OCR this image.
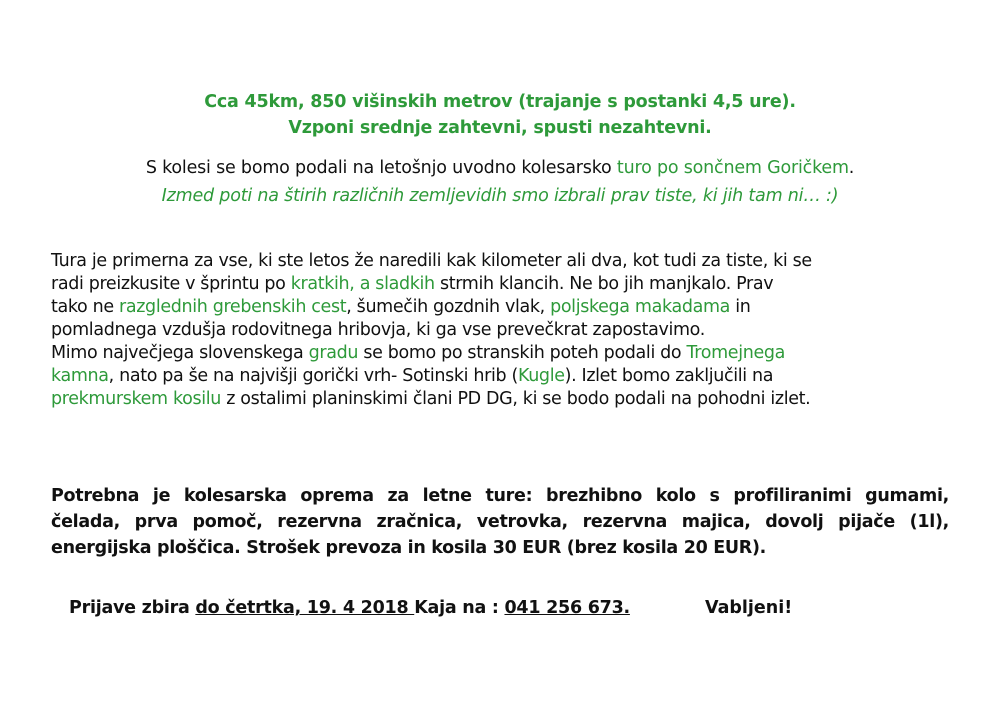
Cca 45km, 850 višinskih metrov (trajanje s postanki 4,5 ure).
Vzponi srednje zahtevni, spusti nezahtevni.
S kolesi se bomo podali na letošnjo uvodno kolesarsko turo po sončnem Goričkem.
Izmed poti na štirih različnih zemljevidih smo izbrali prav tiste, ki jih tam ni… :)
Tura je primerna za vse, ki ste letos že naredili kak kilometer ali dva, kot tudi za tiste, ki se
radi preizkusite v šprintu po kratkih, a sladkih strmih klancih. Ne bo jih manjkalo. Prav
tako ne razglednih grebenskih cest, šumečih gozdnih vlak, poljskega makadama in
pomladnega vzdušja rodovitnega hribovja, ki ga vse prevečkrat zapostavimo.
Mimo največjega slovenskega gradu se bomo po stranskih poteh podali do Tromejnega
kamna, nato pa še na najvišji gorički vrh- Sotinski hrib (Kugle). Izlet bomo zaključili na
prekmurskem kosilu z ostalimi planinskimi člani PD DG, ki se bodo podali na pohodni izlet.
Potrebna je kolesarska oprema za letne ture: brezhibno kolo s profiliranimi gumami,
čelada, prva pomoč, rezervna zračnica, vetrovka, rezervna majica, dovolj pijače (1l),
energijska ploščica. Strošek prevoza in kosila 30 EUR (brez kosila 20 EUR).
Prijave zbira do četrtka, 19. 4 2018 Kaja na : 041 256 673.	Vabljeni!
